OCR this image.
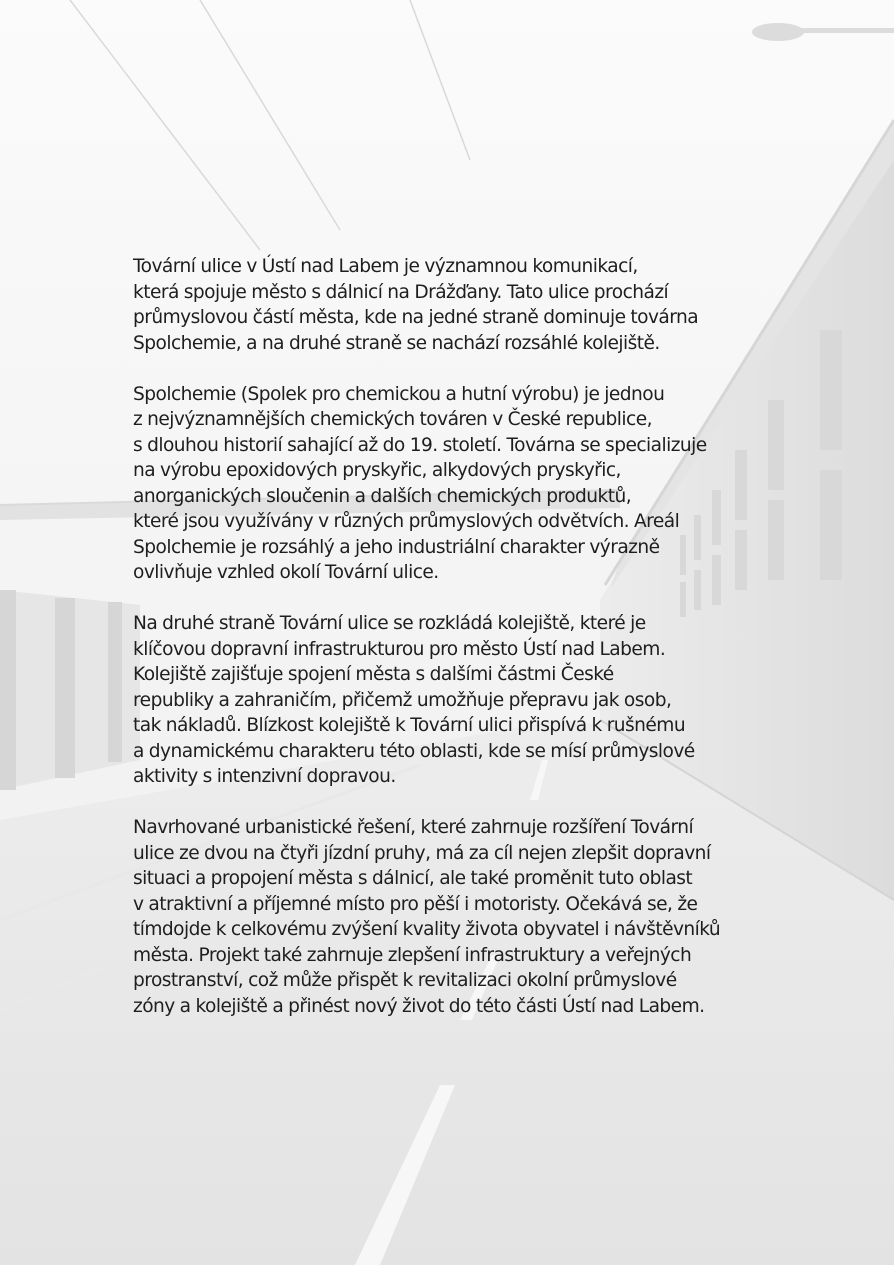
Tovární ulice v Ústí nad Labem je významnou komunikací,
která spojuje město s dálnicí na Drážďany. Tato ulice prochází
průmyslovou částí města, kde na jedné straně dominuje továrna
Spolchemie, a na druhé straně se nachází rozsáhlé kolejiště.

Spolchemie (Spolek pro chemickou a hutní výrobu) je jednou
z nejvýznamnějších chemických továren v České republice,
s dlouhou historií sahající až do 19. století. Továrna se specializuje
na výrobu epoxidových pryskyřic, alkydových pryskyřic,
anorganických sloučenin a dalších chemických produktů,
které jsou využívány v různých průmyslových odvětvích. Areál
Spolchemie je rozsáhlý a jeho industriální charakter výrazně
ovlivňuje vzhled okolí Tovární ulice.

Na druhé straně Tovární ulice se rozkládá kolejiště, které je
klíčovou dopravní infrastrukturou pro město Ústí nad Labem.
Kolejiště zajišťuje spojení města s dalšími částmi České
republiky a zahraničím, přičemž umožňuje přepravu jak osob,
tak nákladů. Blízkost kolejiště k Tovární ulici přispívá k rušnému
a dynamickému charakteru této oblasti, kde se mísí průmyslové
aktivity s intenzivní dopravou.

Navrhované urbanistické řešení, které zahrnuje rozšíření Tovární
ulice ze dvou na čtyři jízdní pruhy, má za cíl nejen zlepšit dopravní
situaci a propojení města s dálnicí, ale také proměnit tuto oblast
v atraktivní a příjemné místo pro pěší i motoristy. Očekává se, že
tímdojde k celkovému zvýšení kvality života obyvatel i návštěvníků
města. Projekt také zahrnuje zlepšení infrastruktury a veřejných
prostranství, což může přispět k revitalizaci okolní průmyslové
zóny a kolejiště a přinést nový život do této části Ústí nad Labem.
